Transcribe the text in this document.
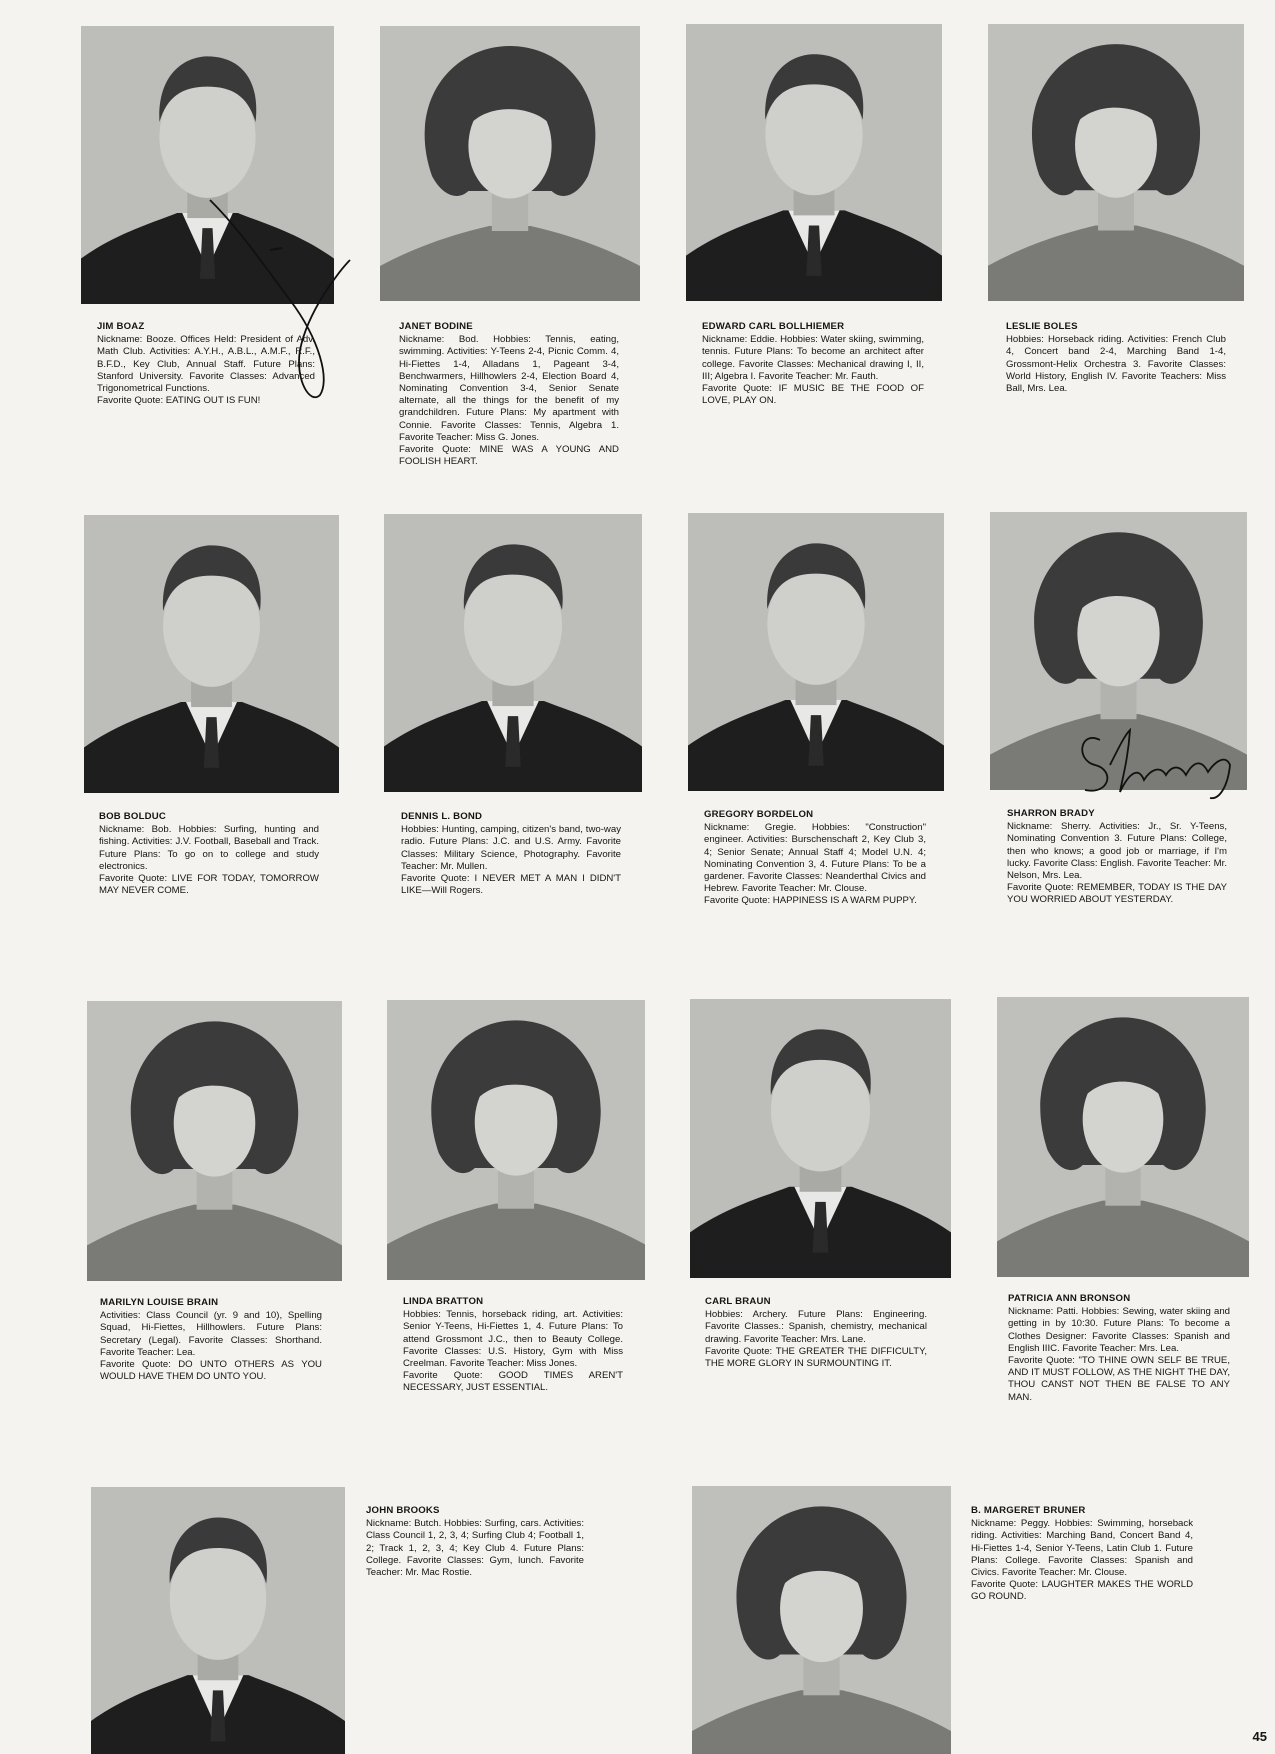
JIM BOAZ

Nickname: Booze. Offices Held: President of Adv. Math Club. Activities: A.Y.H., A.B.L., A.M.F., R.F., B.F.D., Key Club, Annual Staff. Future Plans: Stanford University. Favorite Classes: Advanced Trigonometrical Functions.

Favorite Quote: EATING OUT IS FUN!

JANET BODINE

Nickname: Bod. Hobbies: Tennis, eating, swimming. Activities: Y-Teens 2-4, Picnic Comm. 4, Hi-Fiettes 1-4, Alladans 1, Pageant 3-4, Benchwarmers, Hillhowlers 2-4, Election Board 4, Nominating Convention 3-4, Senior Senate alternate, all the things for the benefit of my grandchildren. Future Plans: My apartment with Connie. Favorite Classes: Tennis, Algebra 1. Favorite Teacher: Miss G. Jones.

Favorite Quote: MINE WAS A YOUNG AND FOOLISH HEART.

EDWARD CARL BOLLHIEMER

Nickname: Eddie. Hobbies: Water skiing, swimming, tennis. Future Plans: To become an architect after college. Favorite Classes: Mechanical drawing I, II, III; Algebra I. Favorite Teacher: Mr. Fauth.

Favorite Quote: IF MUSIC BE THE FOOD OF LOVE, PLAY ON.

LESLIE BOLES

Hobbies: Horseback riding. Activities: French Club 4, Concert band 2-4, Marching Band 1-4, Grossmont-Helix Orchestra 3. Favorite Classes: World History, English IV. Favorite Teachers: Miss Ball, Mrs. Lea.

BOB BOLDUC

Nickname: Bob. Hobbies: Surfing, hunting and fishing. Activities: J.V. Football, Baseball and Track. Future Plans: To go on to college and study electronics.

Favorite Quote: LIVE FOR TODAY, TOMORROW MAY NEVER COME.

DENNIS L. BOND

Hobbies: Hunting, camping, citizen's band, two-way radio. Future Plans: J.C. and U.S. Army. Favorite Classes: Military Science, Photography. Favorite Teacher: Mr. Mullen.

Favorite Quote: I NEVER MET A MAN I DIDN'T LIKE—Will Rogers.

GREGORY BORDELON

Nickname: Gregie. Hobbies: "Construction" engineer. Activities: Burschenschaft 2, Key Club 3, 4; Senior Senate; Annual Staff 4; Model U.N. 4; Nominating Convention 3, 4. Future Plans: To be a gardener. Favorite Classes: Neanderthal Civics and Hebrew. Favorite Teacher: Mr. Clouse.

Favorite Quote: HAPPINESS IS A WARM PUPPY.

SHARRON BRADY

Nickname: Sherry. Activities: Jr., Sr. Y-Teens, Nominating Convention 3. Future Plans: College, then who knows; a good job or marriage, if I'm lucky. Favorite Class: English. Favorite Teacher: Mr. Nelson, Mrs. Lea.

Favorite Quote: REMEMBER, TODAY IS THE DAY YOU WORRIED ABOUT YESTERDAY.

MARILYN LOUISE BRAIN

Activities: Class Council (yr. 9 and 10), Spelling Squad, Hi-Fiettes, Hillhowlers. Future Plans: Secretary (Legal). Favorite Classes: Shorthand. Favorite Teacher: Lea.

Favorite Quote: DO UNTO OTHERS AS YOU WOULD HAVE THEM DO UNTO YOU.

LINDA BRATTON

Hobbies: Tennis, horseback riding, art. Activities: Senior Y-Teens, Hi-Fiettes 1, 4. Future Plans: To attend Grossmont J.C., then to Beauty College. Favorite Classes: U.S. History, Gym with Miss Creelman. Favorite Teacher: Miss Jones.

Favorite Quote: GOOD TIMES AREN'T NECESSARY, JUST ESSENTIAL.

CARL BRAUN

Hobbies: Archery. Future Plans: Engineering. Favorite Classes.: Spanish, chemistry, mechanical drawing. Favorite Teacher: Mrs. Lane.

Favorite Quote: THE GREATER THE DIFFICULTY, THE MORE GLORY IN SURMOUNTING IT.

PATRICIA ANN BRONSON

Nickname: Patti. Hobbies: Sewing, water skiing and getting in by 10:30. Future Plans: To become a Clothes Designer: Favorite Classes: Spanish and English IIIC. Favorite Teacher: Mrs. Lea.

Favorite Quote: "TO THINE OWN SELF BE TRUE, AND IT MUST FOLLOW, AS THE NIGHT THE DAY, THOU CANST NOT THEN BE FALSE TO ANY MAN.

JOHN BROOKS

Nickname: Butch. Hobbies: Surfing, cars. Activities: Class Council 1, 2, 3, 4; Surfing Club 4; Football 1, 2; Track 1, 2, 3, 4; Key Club 4. Future Plans: College. Favorite Classes: Gym, lunch. Favorite Teacher: Mr. Mac Rostie.

B. MARGERET BRUNER

Nickname: Peggy. Hobbies: Swimming, horseback riding. Activities: Marching Band, Concert Band 4, Hi-Fiettes 1-4, Senior Y-Teens, Latin Club 1. Future Plans: College. Favorite Classes: Spanish and Civics. Favorite Teacher: Mr. Clouse.

Favorite Quote: LAUGHTER MAKES THE WORLD GO ROUND.

45
